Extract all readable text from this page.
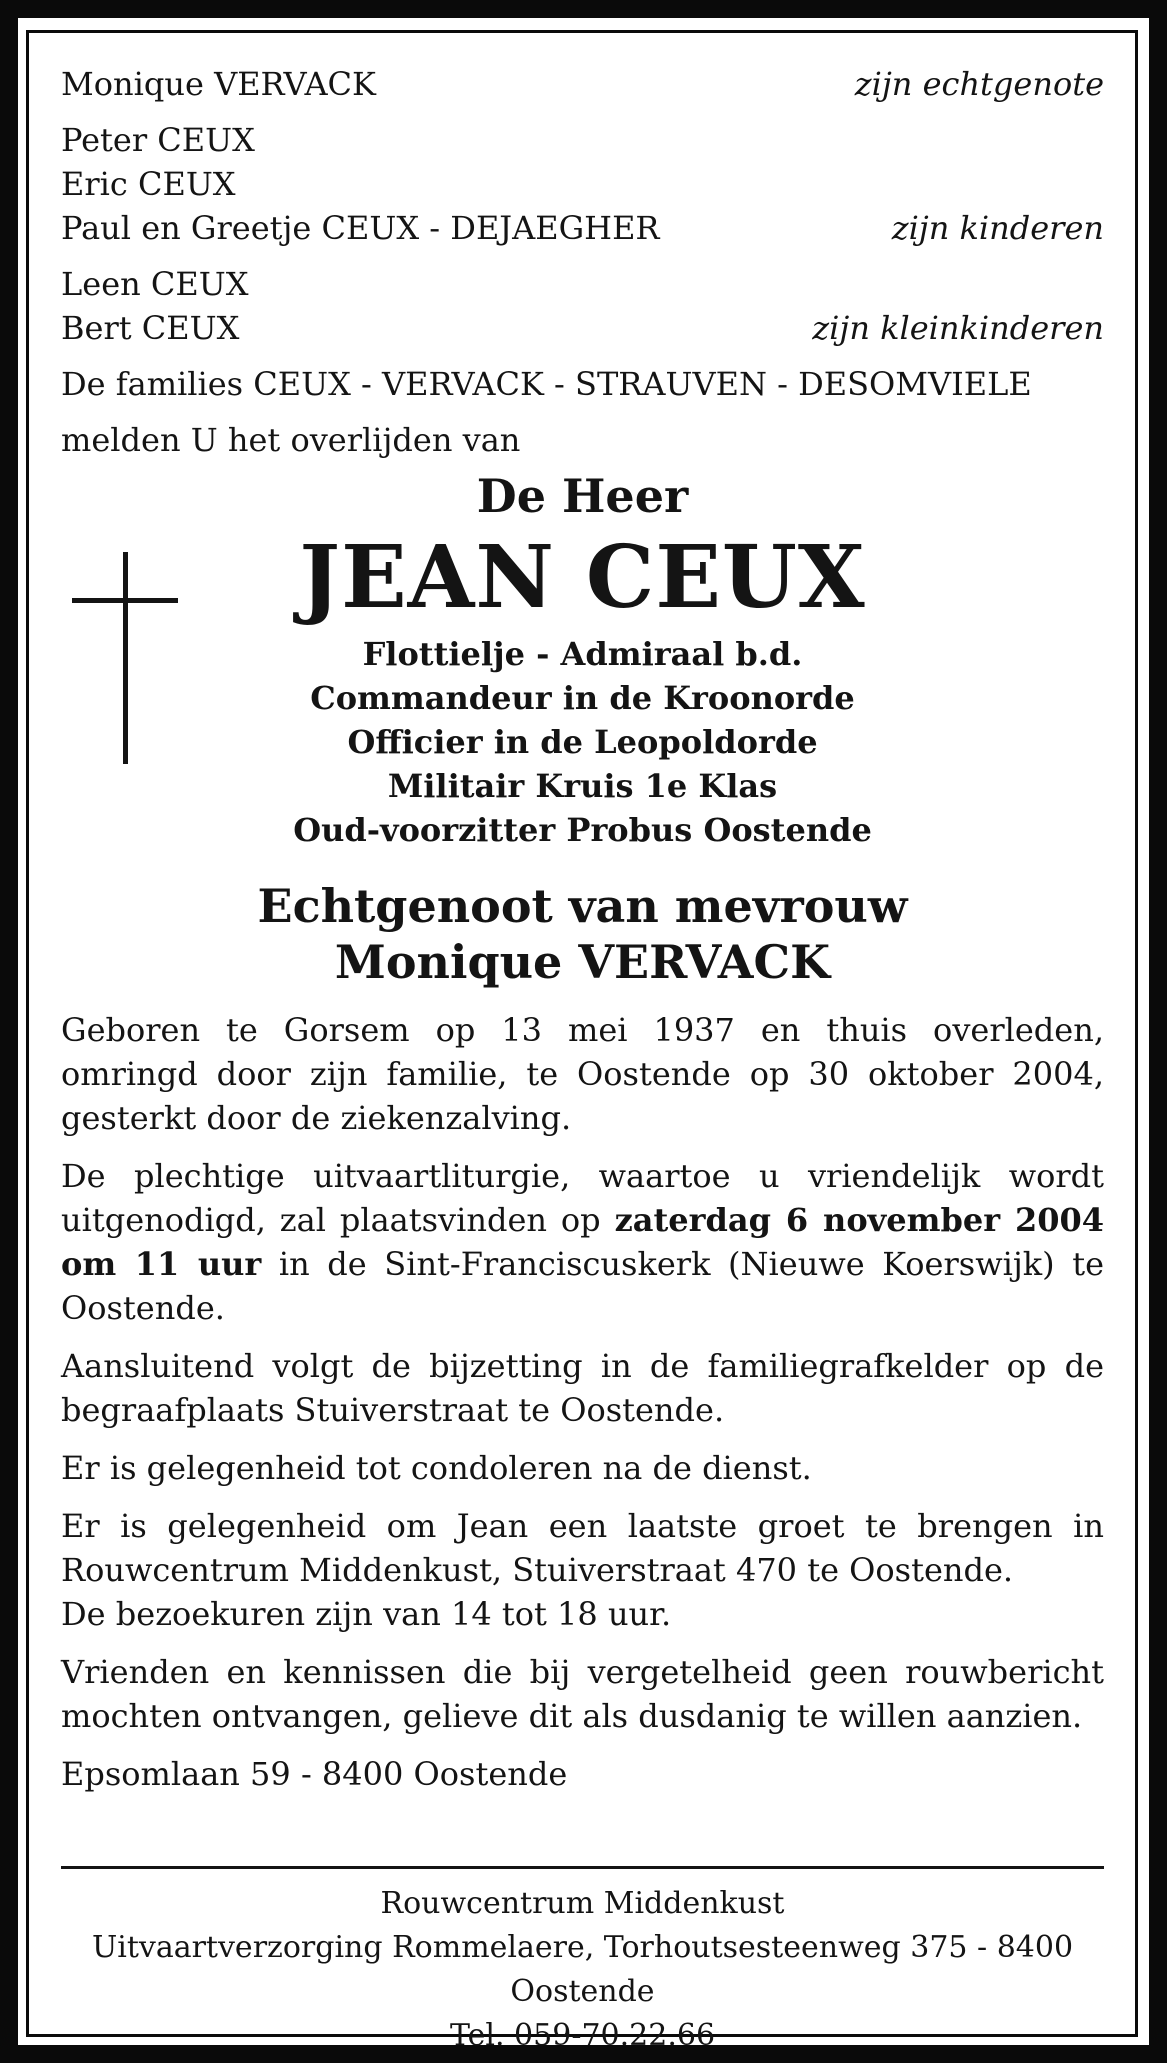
Monique VERVACK	zijn echtgenote
Peter CEUX
Eric CEUX
Paul en Greetje CEUX - DEJAEGHER	zijn kinderen
Leen CEUX
Bert CEUX	zijn kleinkinderen
De families CEUX - VERVACK - STRAUVEN - DESOMVIELE
melden U het overlijden van
De Heer
JEAN CEUX
Flottielje - Admiraal b.d.
Commandeur in de Kroonorde
Officier in de Leopoldorde
Militair Kruis 1e Klas
Oud-voorzitter Probus Oostende
Echtgenoot van mevrouw
Monique VERVACK
Geboren te Gorsem op 13 mei 1937 en thuis overleden, omringd door zijn familie, te Oostende op 30 oktober 2004, gesterkt door de ziekenzalving.
De plechtige uitvaartliturgie, waartoe u vriendelijk wordt uitgenodigd, zal plaatsvinden op zaterdag 6 november 2004 om 11 uur in de Sint-Franciscuskerk (Nieuwe Koerswijk) te Oostende.
Aansluitend volgt de bijzetting in de familiegrafkelder op de begraafplaats Stuiverstraat te Oostende.
Er is gelegenheid tot condoleren na de dienst.
Er is gelegenheid om Jean een laatste groet te brengen in Rouwcentrum Middenkust, Stuiverstraat 470 te Oostende.
De bezoekuren zijn van 14 tot 18 uur.
Vrienden en kennissen die bij vergetelheid geen rouwbericht mochten ontvangen, gelieve dit als dusdanig te willen aanzien.
Epsomlaan 59 - 8400 Oostende
Rouwcentrum Middenkust
Uitvaartverzorging Rommelaere, Torhoutsesteenweg 375 - 8400 Oostende
Tel. 059-70.22.66
